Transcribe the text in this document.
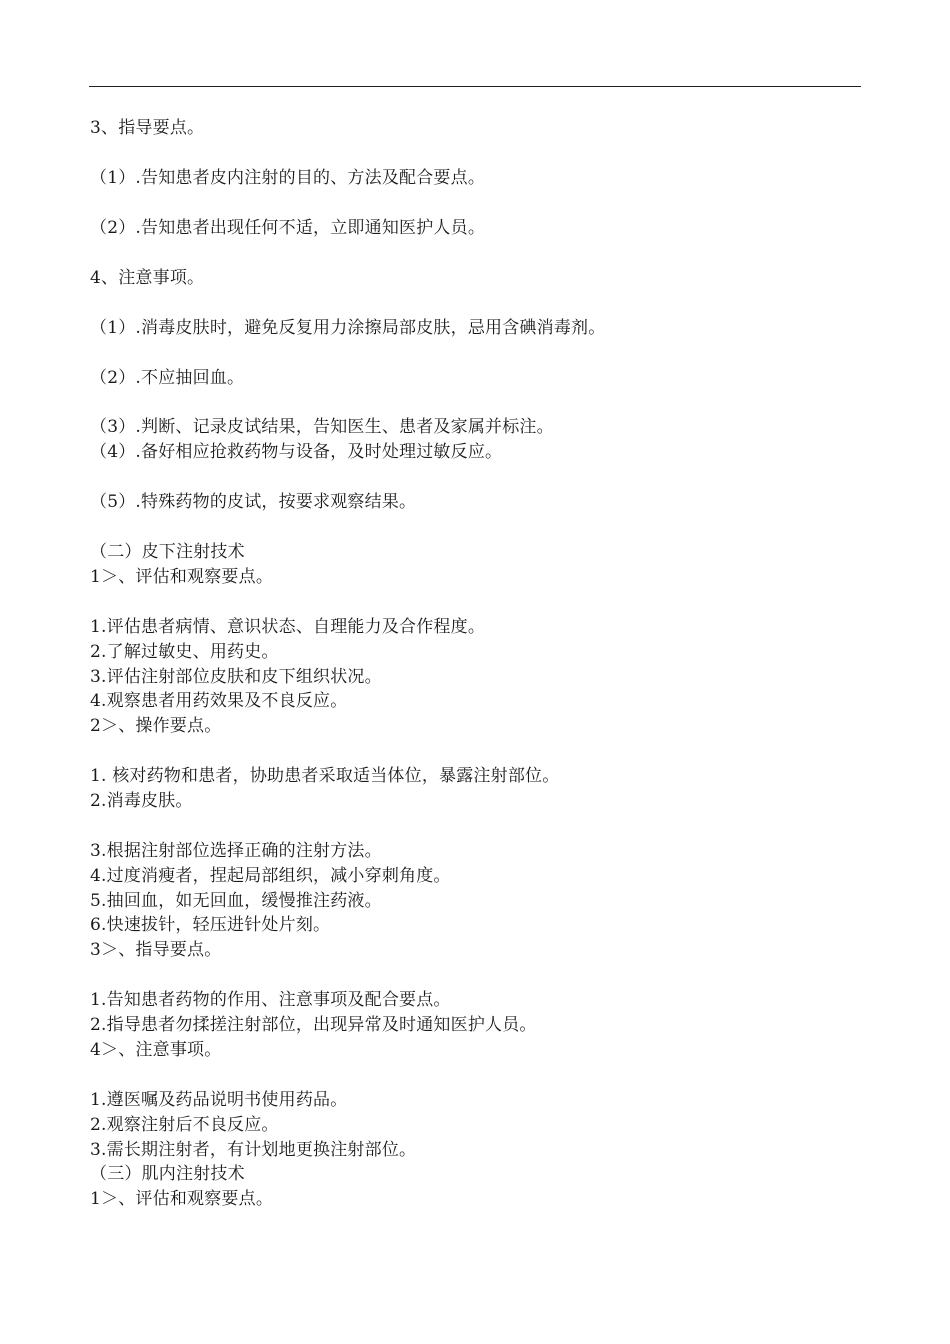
3、指导要点。
（1）.告知患者皮内注射的目的、方法及配合要点。
（2）.告知患者出现任何不适，立即通知医护人员。
4、注意事项。
（1）.消毒皮肤时，避免反复用力涂擦局部皮肤，忌用含碘消毒剂。
（2）.不应抽回血。
（3）.判断、记录皮试结果，告知医生、患者及家属并标注。
（4）.备好相应抢救药物与设备，及时处理过敏反应。
（5）.特殊药物的皮试，按要求观察结果。
（二）皮下注射技术
1＞、评估和观察要点。
1.评估患者病情、意识状态、自理能力及合作程度。
2.了解过敏史、用药史。
3.评估注射部位皮肤和皮下组织状况。
4.观察患者用药效果及不良反应。
2＞、操作要点。
1. 核对药物和患者，协助患者采取适当体位，暴露注射部位。
2.消毒皮肤。
3.根据注射部位选择正确的注射方法。
4.过度消瘦者，捏起局部组织，减小穿刺角度。
5.抽回血，如无回血，缓慢推注药液。
6.快速拔针，轻压进针处片刻。
3＞、指导要点。
1.告知患者药物的作用、注意事项及配合要点。
2.指导患者勿揉搓注射部位，出现异常及时通知医护人员。
4＞、注意事项。
1.遵医嘱及药品说明书使用药品。
2.观察注射后不良反应。
3.需长期注射者，有计划地更换注射部位。
（三）肌内注射技术
1＞、评估和观察要点。
